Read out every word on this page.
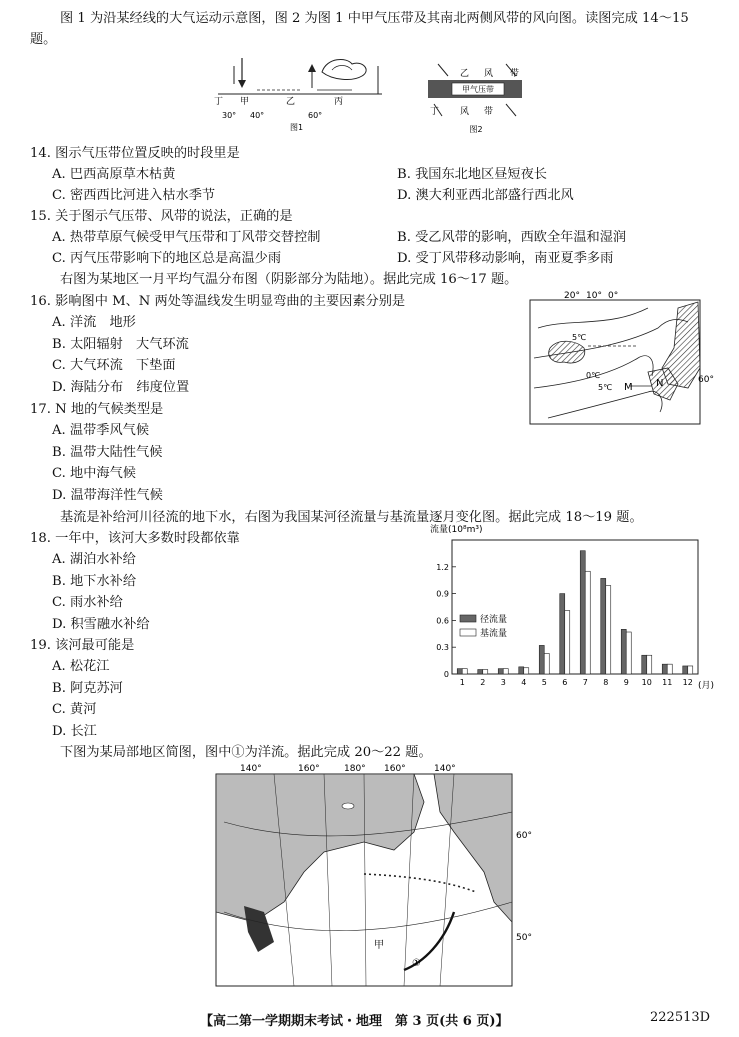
图 1 为沿某经线的大气运动示意图，图 2 为图 1 中甲气压带及其南北两侧风带的风向图。读图完成 14～15 题。
丁 甲	乙	丙
30° 40°	60°
图1
甲气压带
乙 风 带
丁 风 带
图2
14. 图示气压带位置反映的时段里是
A. 巴西高原草木枯黄	B. 我国东北地区昼短夜长
C. 密西西比河进入枯水季节	D. 澳大利亚西北部盛行西北风
15. 关于图示气压带、风带的说法，正确的是
A. 热带草原气候受甲气压带和丁风带交替控制	B. 受乙风带的影响，西欧全年温和湿润
C. 丙气压带影响下的地区总是高温少雨	D. 受丁风带移动影响，南亚夏季多雨
右图为某地区一月平均气温分布图（阴影部分为陆地）。据此完成 16～17 题。
16. 影响图中 M、N 两处等温线发生明显弯曲的主要因素分别是
A. 洋流　地形
B. 太阳辐射　大气环流
C. 大气环流　下垫面
D. 海陆分布　纬度位置
17. N 地的气候类型是
A. 温带季风气候
B. 温带大陆性气候
C. 地中海气候
D. 温带海洋性气候
20° 10° 0°
60°
5℃
0℃
5℃ M N
基流是补给河川径流的地下水，右图为我国某河径流量与基流量逐月变化图。据此完成 18～19 题。
18. 一年中，该河大多数时段都依靠
A. 湖泊水补给
B. 地下水补给
C. 雨水补给
D. 积雪融水补给
19. 该河最可能是
A. 松花江
B. 阿克苏河
C. 黄河
D. 长江
流量(10⁸m³)
0
0.3
0.6
0.9
1.2
1 2 3 4 5 6 7 8 9 10 11 12 (月)
径流量
基流量
下图为某局部地区简图，图中①为洋流。据此完成 20～22 题。
140°	160°	180° 160°	140°
60°
50°
甲
①
【高二第一学期期末考试・地理　第 3 页(共 6 页)】	222513D
